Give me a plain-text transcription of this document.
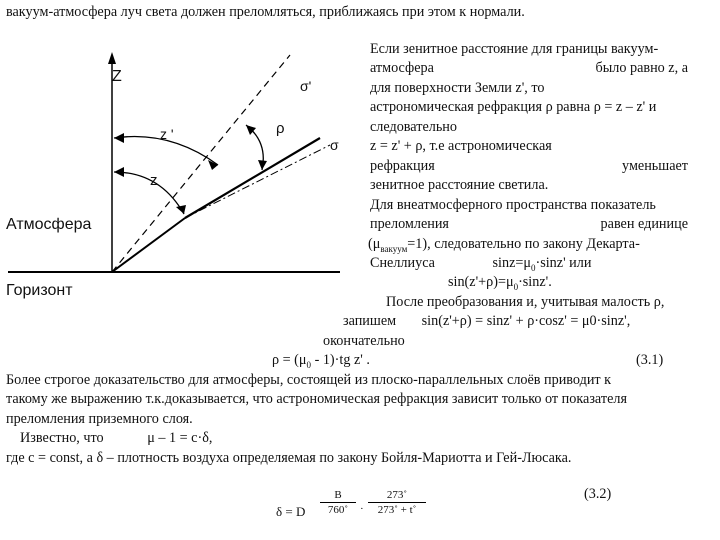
вакуум-атмосфера луч света должен преломляться, приближаясь при этом к нормали.
Z
σ'
z '	ρ
σ
z
Атмосфера
Горизонт
Если зенитное расстояние для границы вакуум-
атмосфера	было равно z, а
для поверхности Земли z', то
астрономическая рефракция ρ равна ρ = z – z' и
следовательно
z = z' + ρ, т.е астрономическая
рефракция	уменьшает
зенитное расстояние светила.
Для внеатмосферного пространства показатель
преломления	равен единице
$(\mu_{вакуум}=1)$, следовательно по закону Декарта-
Снеллиуса	$\sin z=\mu_0\cdot\sin z'$ или
$\sin(z'+\rho)=\mu_0\cdot\sin z'$.
После преобразования и, учитывая малость ρ,
запишем sin(z'+ρ) = sinz' + ρ·cosz' = μ0·sinz',
окончательно
$\rho = (\mu_0 - 1)\cdot tg$ z' .	(3.1)
Более строгое доказательство для атмосферы, состоящей из плоско-параллельных слоёв приводит к
такому же выражению т.к.доказывается, что астрономическая рефракция зависит только от показателя
преломления приземного слоя.
Известно, что	μ – 1 = c·δ,
где c = const, а δ – плотность воздуха определяемая по закону Бойля-Мариотта и Гей-Люсака.
(3.2)
δ = D $\frac{B}{760˚} \cdot \frac{273˚}{273˚ + t˚}$
